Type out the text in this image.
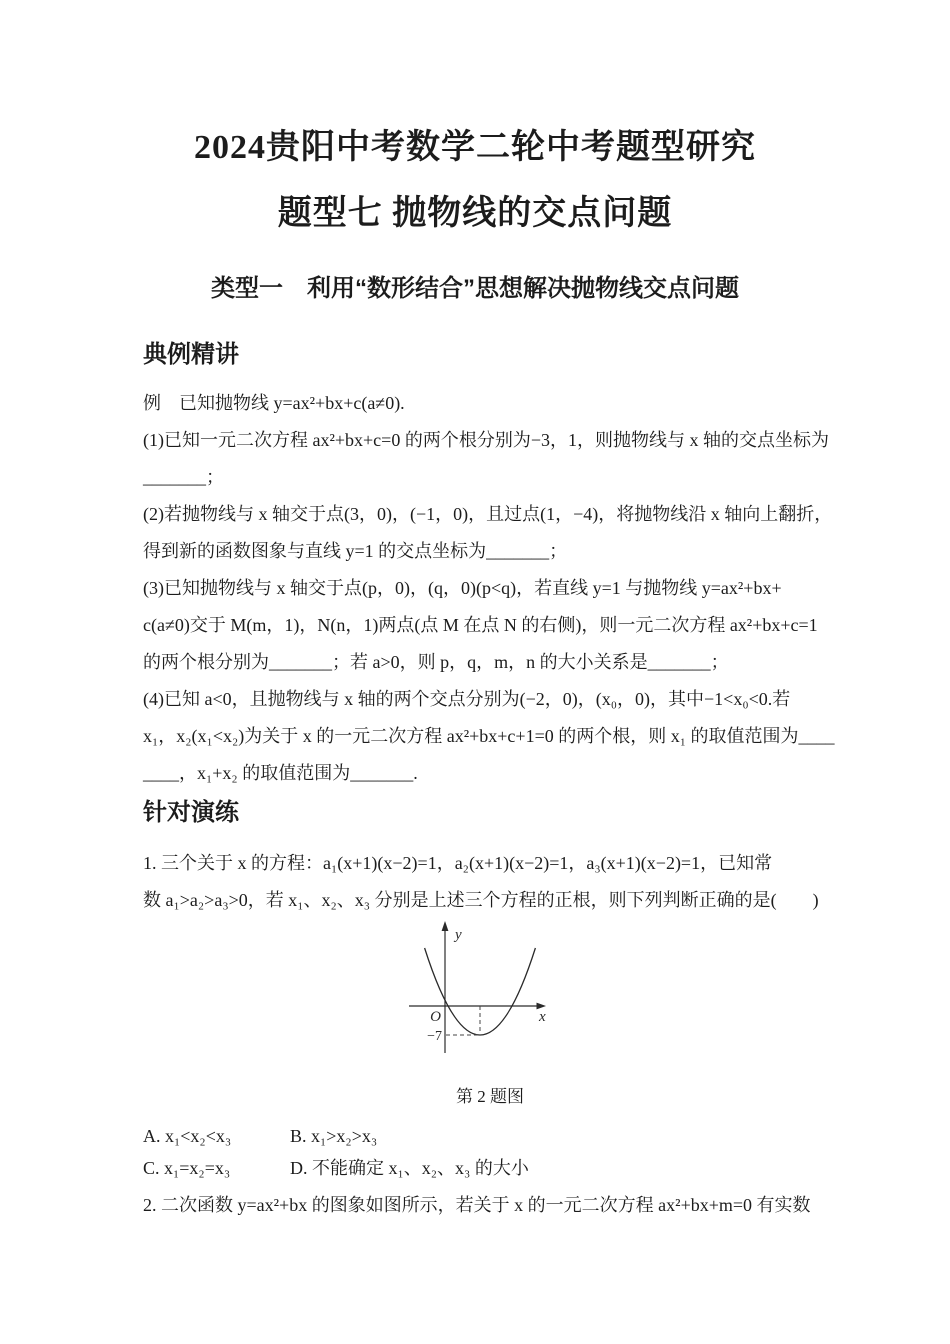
2024贵阳中考数学二轮中考题型研究
题型七 抛物线的交点问题
类型一　利用“数形结合”思想解决抛物线交点问题
典例精讲
例　已知抛物线 y=ax²+bx+c(a≠0).
(1)已知一元二次方程 ax²+bx+c=0 的两个根分别为−3，1，则抛物线与 x 轴的交点坐标为
_______；
(2)若抛物线与 x 轴交于点(3，0)，(−1，0)，且过点(1，−4)，将抛物线沿 x 轴向上翻折，
得到新的函数图象与直线 y=1 的交点坐标为_______；
(3)已知抛物线与 x 轴交于点(p，0)，(q，0)(p<q)，若直线 y=1 与抛物线 y=ax²+bx+
c(a≠0)交于 M(m，1)，N(n，1)两点(点 M 在点 N 的右侧)，则一元二次方程 ax²+bx+c=1
的两个根分别为_______；若 a>0，则 p，q，m，n 的大小关系是_______；
(4)已知 a<0，且抛物线与 x 轴的两个交点分别为(−2，0)，(x₀，0)，其中−1<x₀<0.若
x₁，x₂(x₁<x₂)为关于 x 的一元二次方程 ax²+bx+c+1=0 的两个根，则 x₁ 的取值范围为____
____，x₁+x₂ 的取值范围为_______.
针对演练
1. 三个关于 x 的方程：a₁(x+1)(x−2)=1，a₂(x+1)(x−2)=1，a₃(x+1)(x−2)=1，已知常
数 a₁>a₂>a₃>0，若 x₁、x₂、x₃ 分别是上述三个方程的正根，则下列判断正确的是(　　)
y
x
O
−7
第 2 题图
A. x₁<x₂<x₃	B. x₁>x₂>x₃
C. x₁=x₂=x₃	D. 不能确定 x₁、x₂、x₃ 的大小
2. 二次函数 y=ax²+bx 的图象如图所示，若关于 x 的一元二次方程 ax²+bx+m=0 有实数
